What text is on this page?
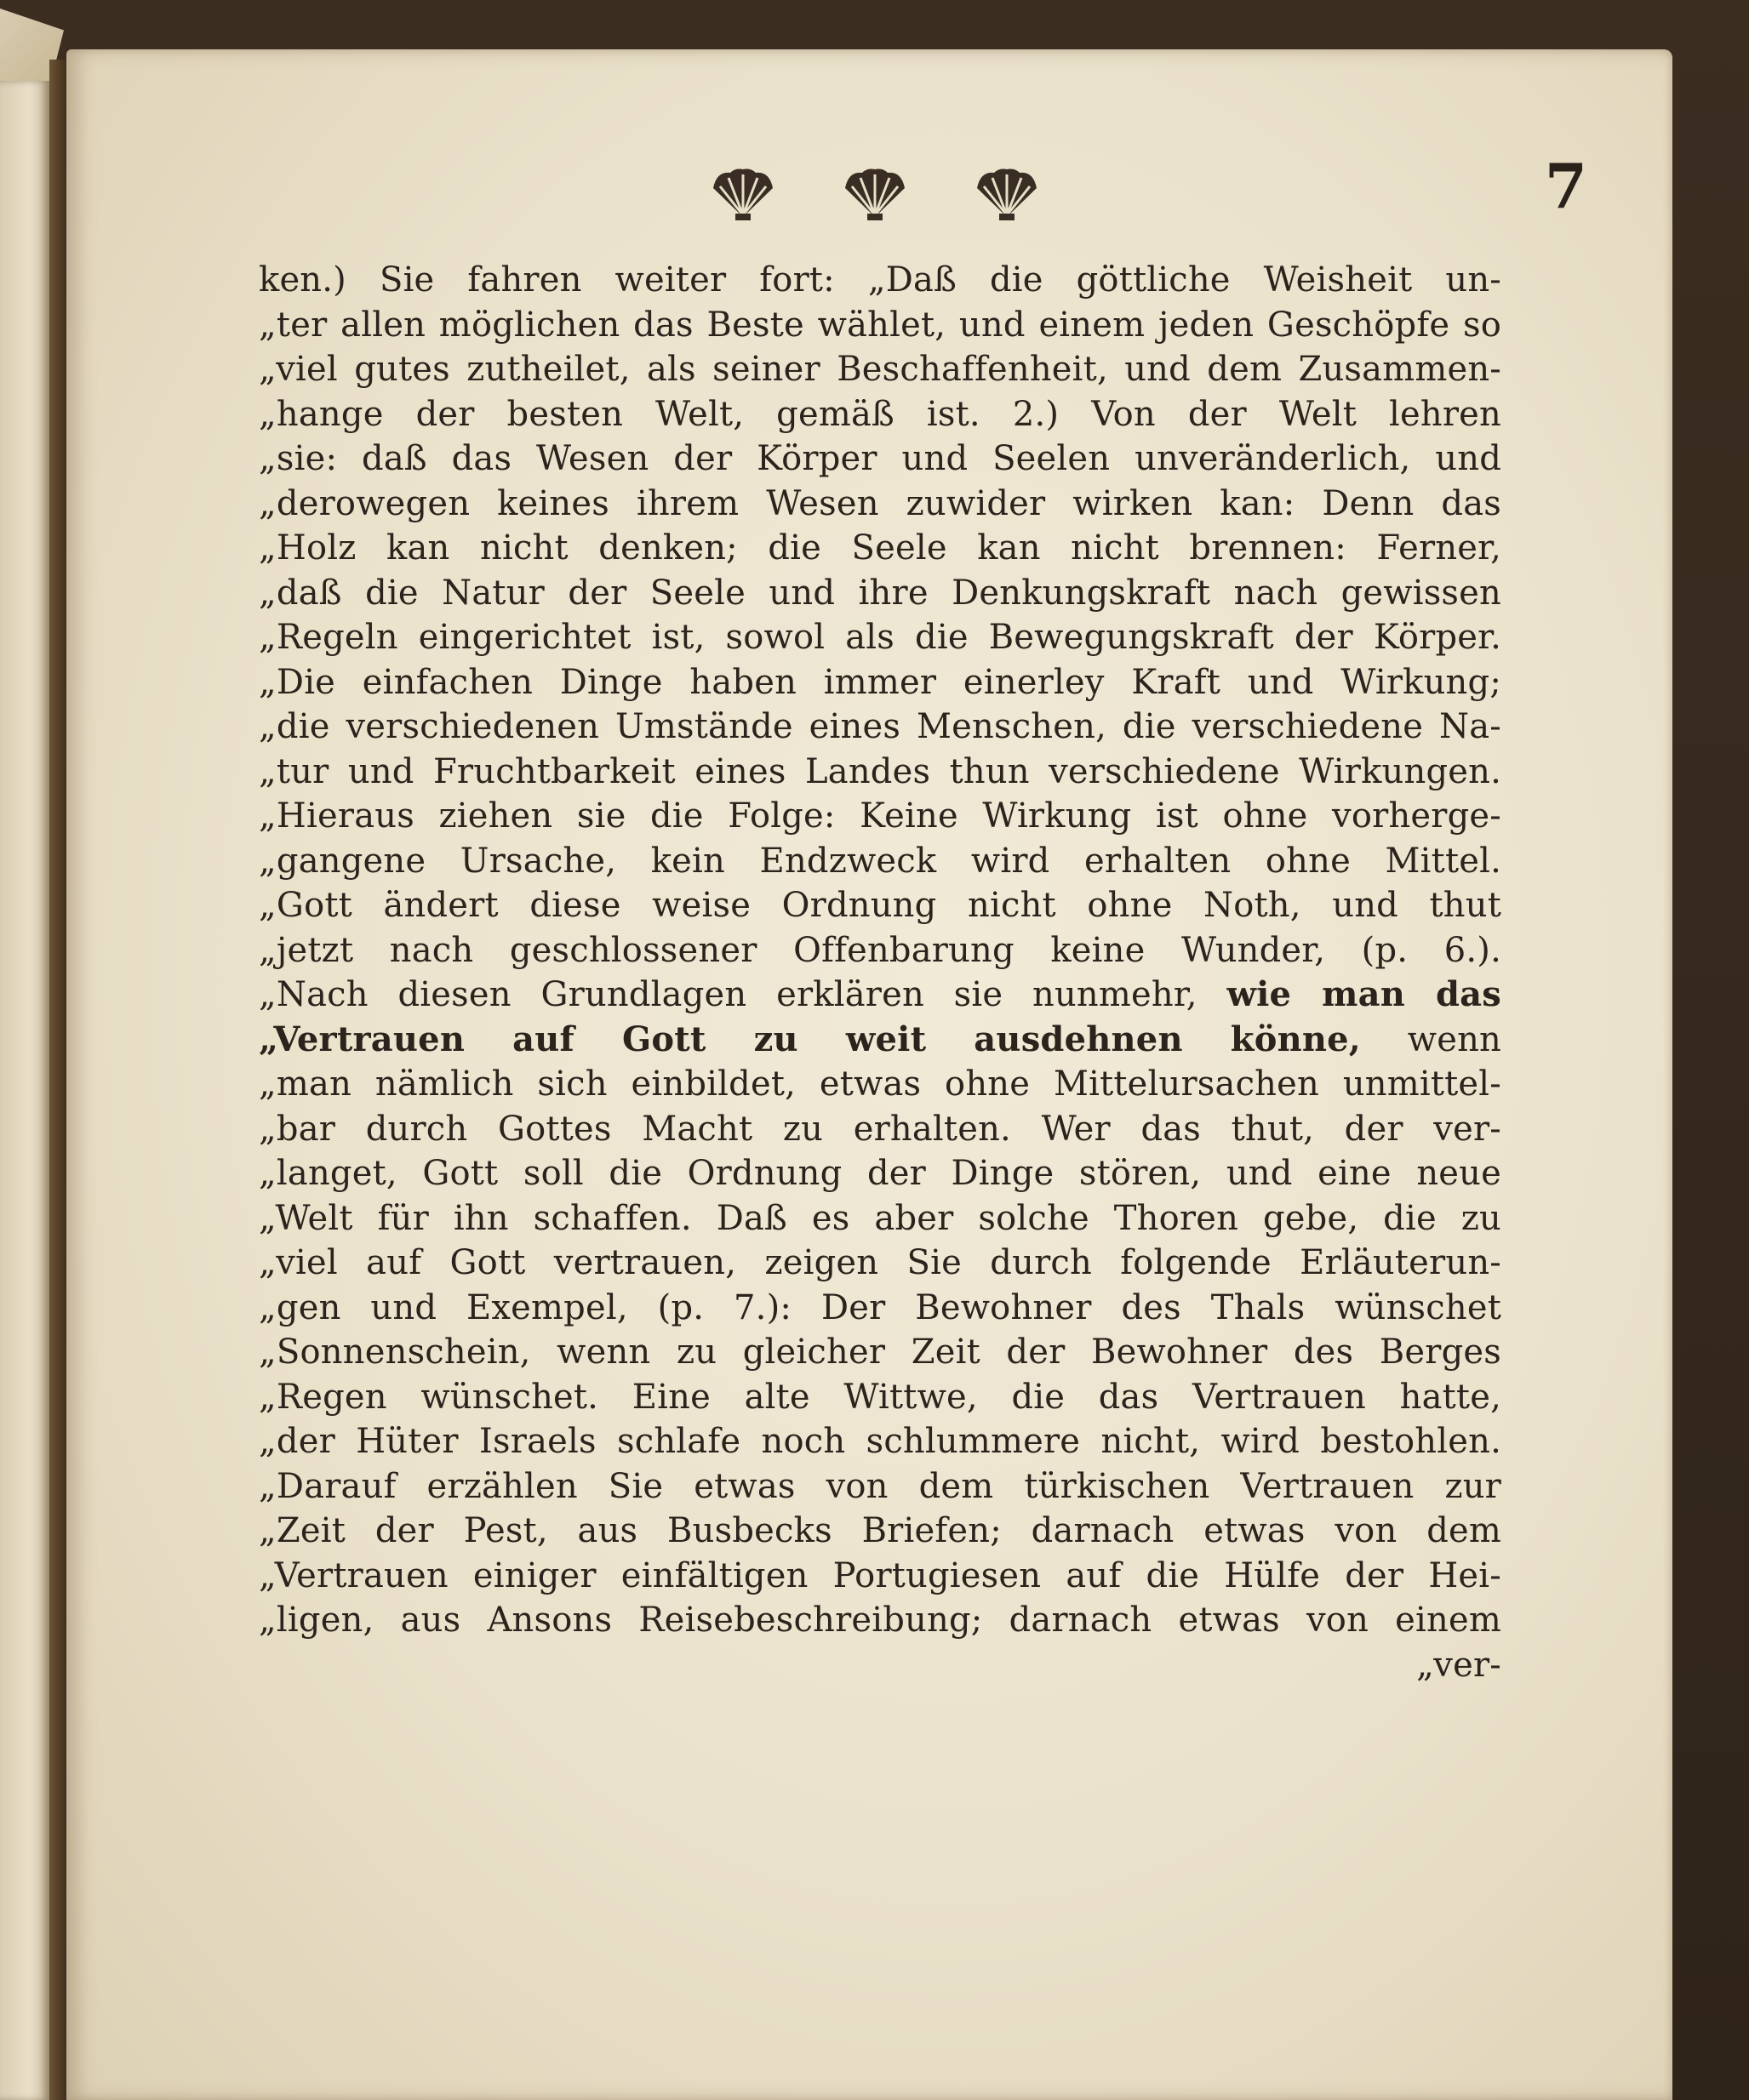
7
ken.) Sie fahren weiter fort: „Daß die göttliche Weisheit un-
„ter allen möglichen das Beste wählet, und einem jeden Geschöpfe so
„viel gutes zutheilet, als seiner Beschaffenheit, und dem Zusammen-
„hange der besten Welt, gemäß ist. 2.) Von der Welt lehren
„sie: daß das Wesen der Körper und Seelen unveränderlich, und
„derowegen keines ihrem Wesen zuwider wirken kan: Denn das
„Holz kan nicht denken; die Seele kan nicht brennen: Ferner,
„daß die Natur der Seele und ihre Denkungskraft nach gewissen
„Regeln eingerichtet ist, sowol als die Bewegungskraft der Körper.
„Die einfachen Dinge haben immer einerley Kraft und Wirkung;
„die verschiedenen Umstände eines Menschen, die verschiedene Na-
„tur und Fruchtbarkeit eines Landes thun verschiedene Wirkungen.
„Hieraus ziehen sie die Folge: Keine Wirkung ist ohne vorherge-
„gangene Ursache, kein Endzweck wird erhalten ohne Mittel.
„Gott ändert diese weise Ordnung nicht ohne Noth, und thut
„jetzt nach geschlossener Offenbarung keine Wunder, (p. 6.).
„Nach diesen Grundlagen erklären sie nunmehr, wie man das
„Vertrauen auf Gott zu weit ausdehnen könne, wenn
„man nämlich sich einbildet, etwas ohne Mittelursachen unmittel-
„bar durch Gottes Macht zu erhalten. Wer das thut, der ver-
„langet, Gott soll die Ordnung der Dinge stören, und eine neue
„Welt für ihn schaffen. Daß es aber solche Thoren gebe, die zu
„viel auf Gott vertrauen, zeigen Sie durch folgende Erläuterun-
„gen und Exempel, (p. 7.): Der Bewohner des Thals wünschet
„Sonnenschein, wenn zu gleicher Zeit der Bewohner des Berges
„Regen wünschet. Eine alte Wittwe, die das Vertrauen hatte,
„der Hüter Israels schlafe noch schlummere nicht, wird bestohlen.
„Darauf erzählen Sie etwas von dem türkischen Vertrauen zur
„Zeit der Pest, aus Busbecks Briefen; darnach etwas von dem
„Vertrauen einiger einfältigen Portugiesen auf die Hülfe der Hei-
„ligen, aus Ansons Reisebeschreibung; darnach etwas von einem
„ver-
